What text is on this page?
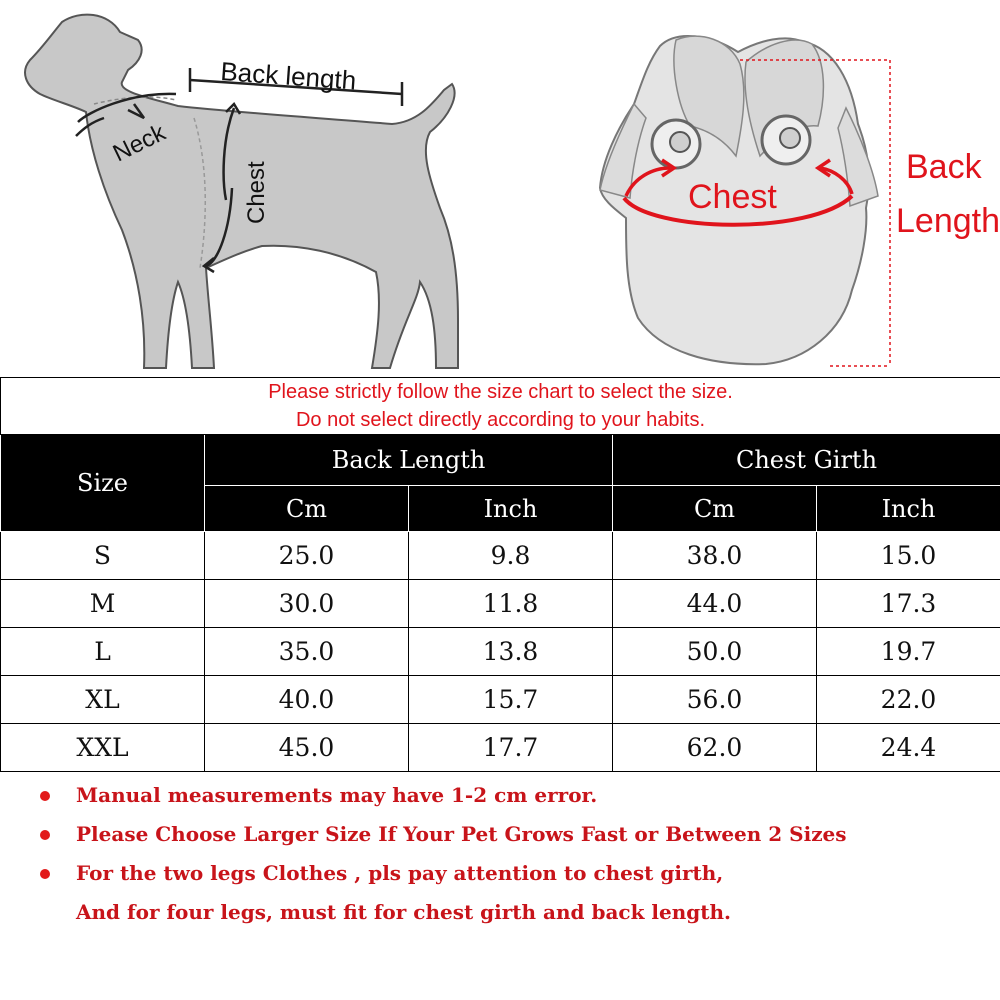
Back length
Neck
Chest	Chest
Back
Length
Please strictly follow the size chart to select the size.
Do not select directly according to your habits.				

Size	Back Length		Chest Girth	
	Cm	Inch	Cm	Inch
S	25.0	9.8	38.0	15.0
M	30.0	11.8	44.0	17.3
L	35.0	13.8	50.0	19.7
XL	40.0	15.7	56.0	22.0
XXL	45.0	17.7	62.0	24.4
Manual measurements may have 1-2 cm error.
Please Choose Larger Size If Your Pet Grows Fast or Between 2 Sizes
For the two legs Clothes , pls pay attention to chest girth,
And for four legs, must fit for chest girth and back length.
